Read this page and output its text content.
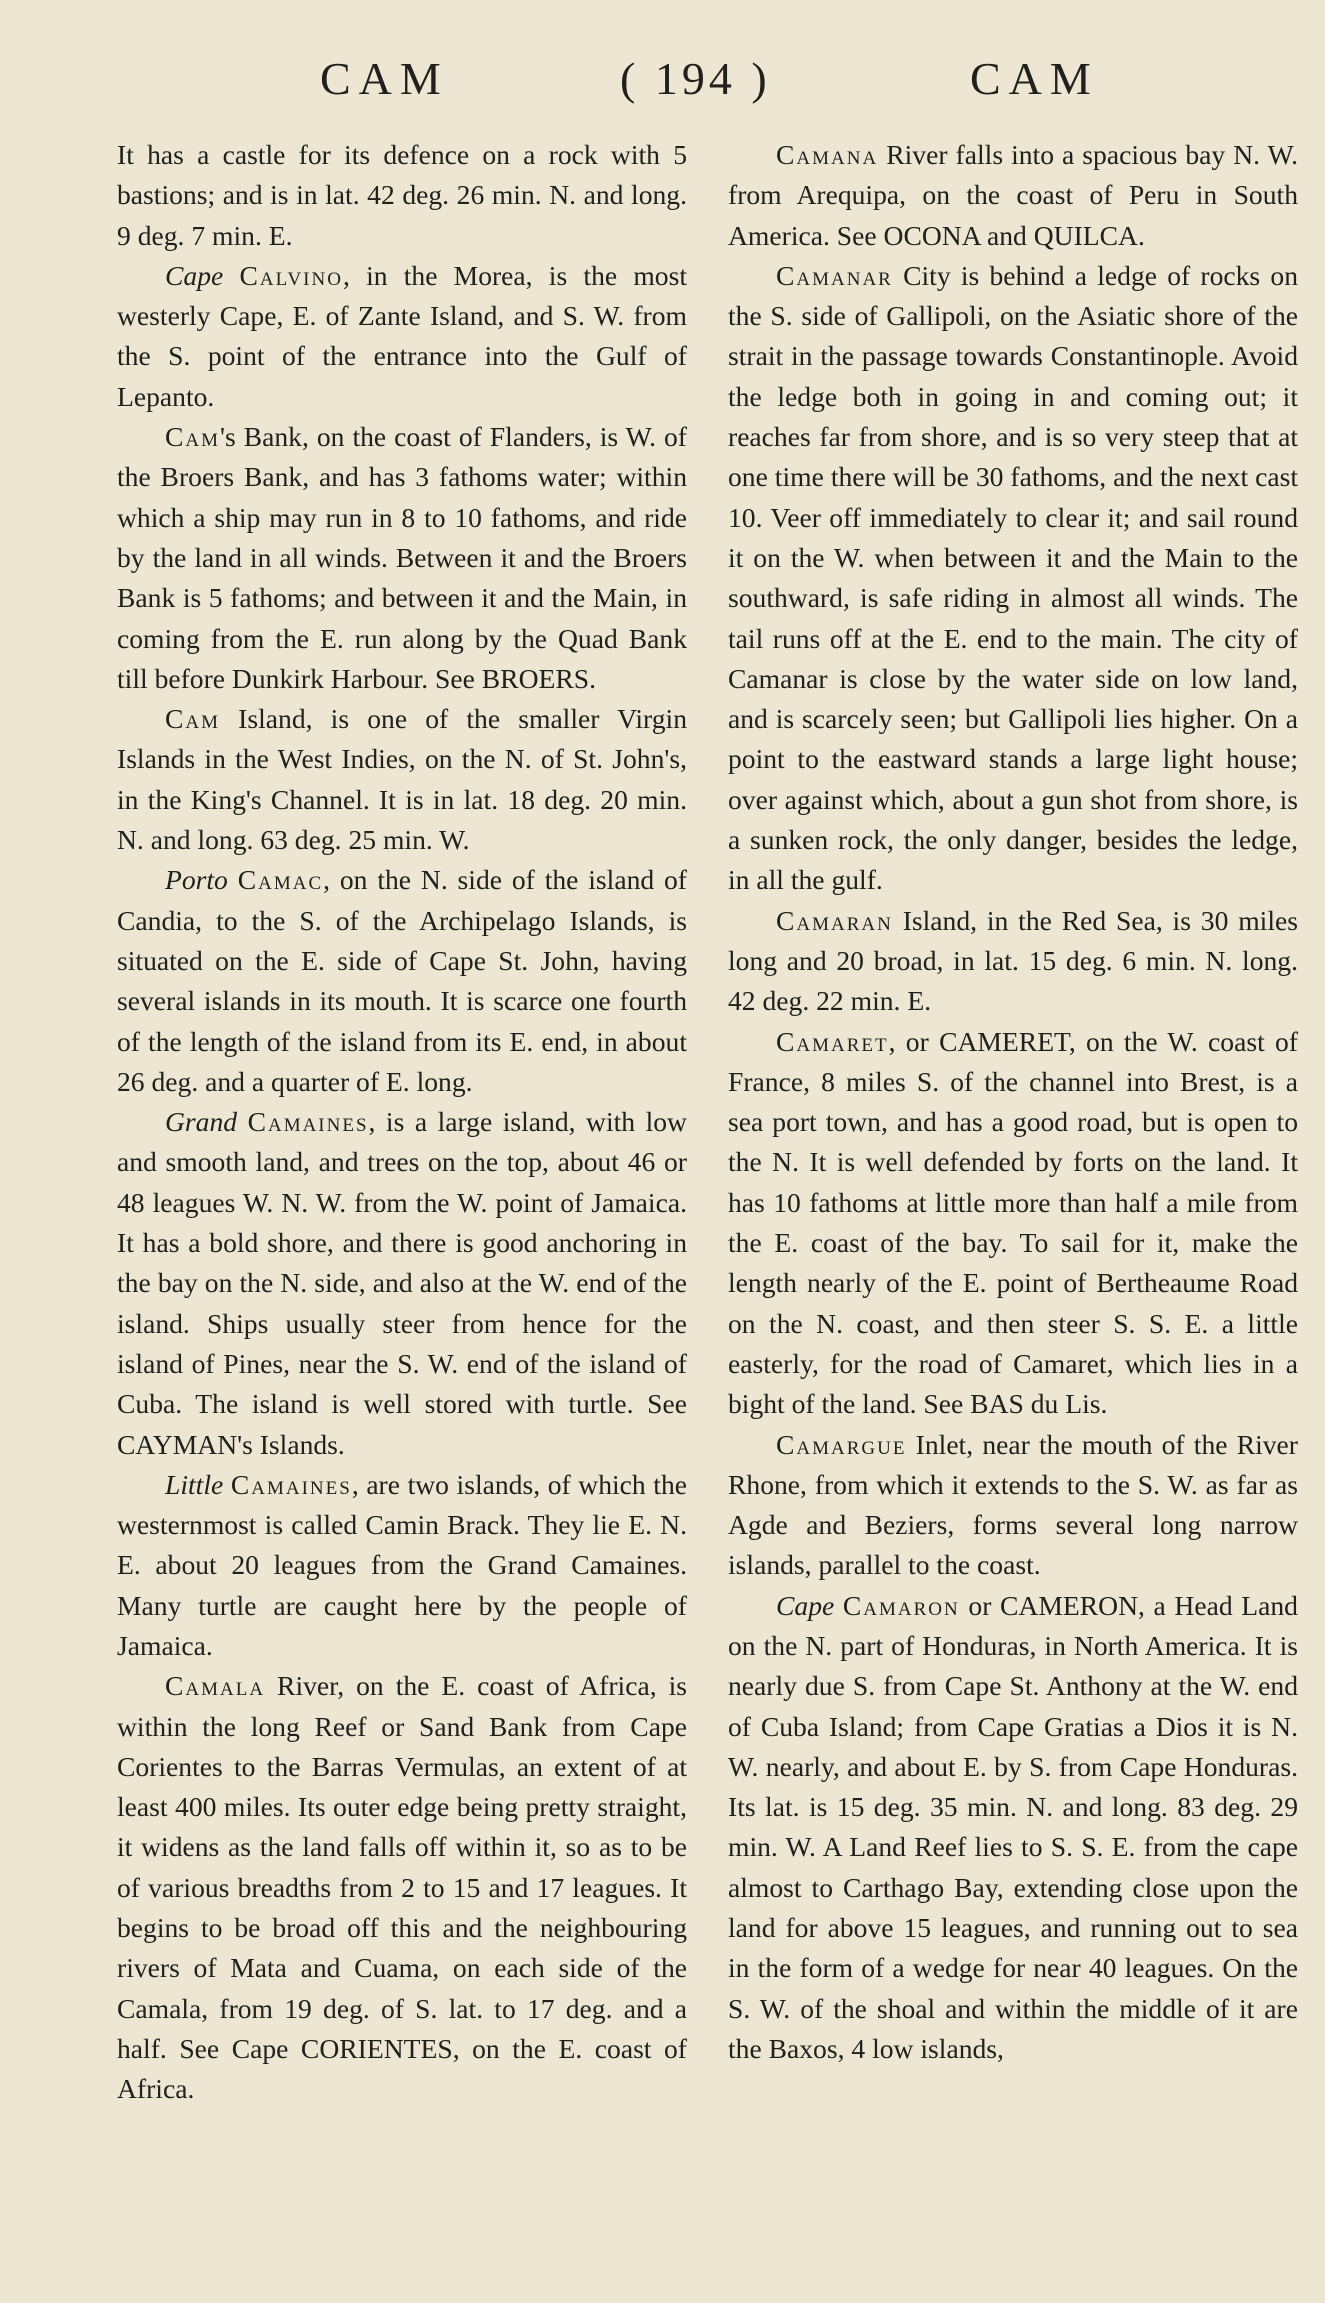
CAM	( 194 )	CAM

It has a castle for its defence on a rock with 5 bastions; and is in lat. 42 deg. 26 min. N. and long. 9 deg. 7 min. E.

Cape Calvino, in the Morea, is the most westerly Cape, E. of Zante Island, and S. W. from the S. point of the entrance into the Gulf of Lepanto.

Cam's Bank, on the coast of Flanders, is W. of the Broers Bank, and has 3 fathoms water; within which a ship may run in 8 to 10 fathoms, and ride by the land in all winds. Between it and the Broers Bank is 5 fathoms; and between it and the Main, in coming from the E. run along by the Quad Bank till before Dunkirk Harbour. See BROERS.

Cam Island, is one of the smaller Virgin Islands in the West Indies, on the N. of St. John's, in the King's Channel. It is in lat. 18 deg. 20 min. N. and long. 63 deg. 25 min. W.

Porto Camac, on the N. side of the island of Candia, to the S. of the Archipelago Islands, is situated on the E. side of Cape St. John, having several islands in its mouth. It is scarce one fourth of the length of the island from its E. end, in about 26 deg. and a quarter of E. long.

Grand Camaines, is a large island, with low and smooth land, and trees on the top, about 46 or 48 leagues W. N. W. from the W. point of Jamaica. It has a bold shore, and there is good anchoring in the bay on the N. side, and also at the W. end of the island. Ships usually steer from hence for the island of Pines, near the S. W. end of the island of Cuba. The island is well stored with turtle. See CAYMAN's Islands.

Little Camaines, are two islands, of which the westernmost is called Camin Brack. They lie E. N. E. about 20 leagues from the Grand Camaines. Many turtle are caught here by the people of Jamaica.

Camala River, on the E. coast of Africa, is within the long Reef or Sand Bank from Cape Corientes to the Barras Vermulas, an extent of at least 400 miles. Its outer edge being pretty straight, it widens as the land falls off within it, so as to be of various breadths from 2 to 15 and 17 leagues. It begins to be broad off this and the neighbouring rivers of Mata and Cuama, on each side of the Camala, from 19 deg. of S. lat. to 17 deg. and a half. See Cape CORIENTES, on the E. coast of Africa.

Camana River falls into a spacious bay N. W. from Arequipa, on the coast of Peru in South America. See OCONA and QUILCA.

Camanar City is behind a ledge of rocks on the S. side of Gallipoli, on the Asiatic shore of the strait in the passage towards Constantinople. Avoid the ledge both in going in and coming out; it reaches far from shore, and is so very steep that at one time there will be 30 fathoms, and the next cast 10. Veer off immediately to clear it; and sail round it on the W. when between it and the Main to the southward, is safe riding in almost all winds. The tail runs off at the E. end to the main. The city of Camanar is close by the water side on low land, and is scarcely seen; but Gallipoli lies higher. On a point to the eastward stands a large light house; over against which, about a gun shot from shore, is a sunken rock, the only danger, besides the ledge, in all the gulf.

Camaran Island, in the Red Sea, is 30 miles long and 20 broad, in lat. 15 deg. 6 min. N. long. 42 deg. 22 min. E.

Camaret, or CAMERET, on the W. coast of France, 8 miles S. of the channel into Brest, is a sea port town, and has a good road, but is open to the N. It is well defended by forts on the land. It has 10 fathoms at little more than half a mile from the E. coast of the bay. To sail for it, make the length nearly of the E. point of Bertheaume Road on the N. coast, and then steer S. S. E. a little easterly, for the road of Camaret, which lies in a bight of the land. See BAS du Lis.

Camargue Inlet, near the mouth of the River Rhone, from which it extends to the S. W. as far as Agde and Beziers, forms several long narrow islands, parallel to the coast.

Cape Camaron or CAMERON, a Head Land on the N. part of Honduras, in North America. It is nearly due S. from Cape St. Anthony at the W. end of Cuba Island; from Cape Gratias a Dios it is N. W. nearly, and about E. by S. from Cape Honduras. Its lat. is 15 deg. 35 min. N. and long. 83 deg. 29 min. W. A Land Reef lies to S. S. E. from the cape almost to Carthago Bay, extending close upon the land for above 15 leagues, and running out to sea in the form of a wedge for near 40 leagues. On the S. W. of the shoal and within the middle of it are the Baxos, 4 low islands,
